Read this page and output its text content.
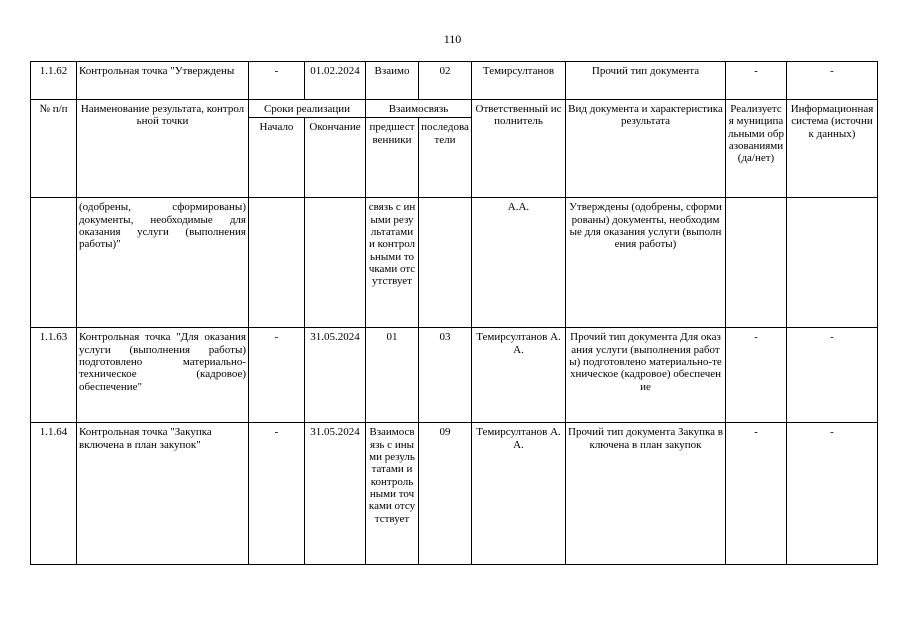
110
1.1.62	Контрольная точка "Утверждены	-	01.02.2024	Взаимо	02	Темирсултанов	Прочий тип документа	-	-
№ п/п	Наименование результата, контрольной точки	Сроки реализации		Взаимосвязь		Ответственный исполнитель	Вид документа и характеристика результата	Реализуется муниципальными образованиями (да/нет)	Информационная система (источник данных)
		Начало	Окончание	предшественники	последователи				
	(одобрены, сформированы) документы, необходимые для оказания услуги (выполнения работы)"			связь с иными результатами и контрольными точками отсутствует		А.А.	Утверждены (одобрены, сформированы) документы, необходимые для оказания услуги (выполнения работы)		
1.1.63	Контрольная точка "Для оказания услуги (выполнения работы) подготовлено материально-техническое (кадровое) обеспечение"	-	31.05.2024	01	03	Темирсултанов А.А.	Прочий тип документа Для оказания услуги (выполнения работы) подготовлено материально-техническое (кадровое) обеспечение	-	-
1.1.64	Контрольная точка "Закупка включена в план закупок"	-	31.05.2024	Взаимосвязь с иными результатами и контрольными точками отсутствует	09	Темирсултанов А.А.	Прочий тип документа Закупка включена в план закупок	-	-
